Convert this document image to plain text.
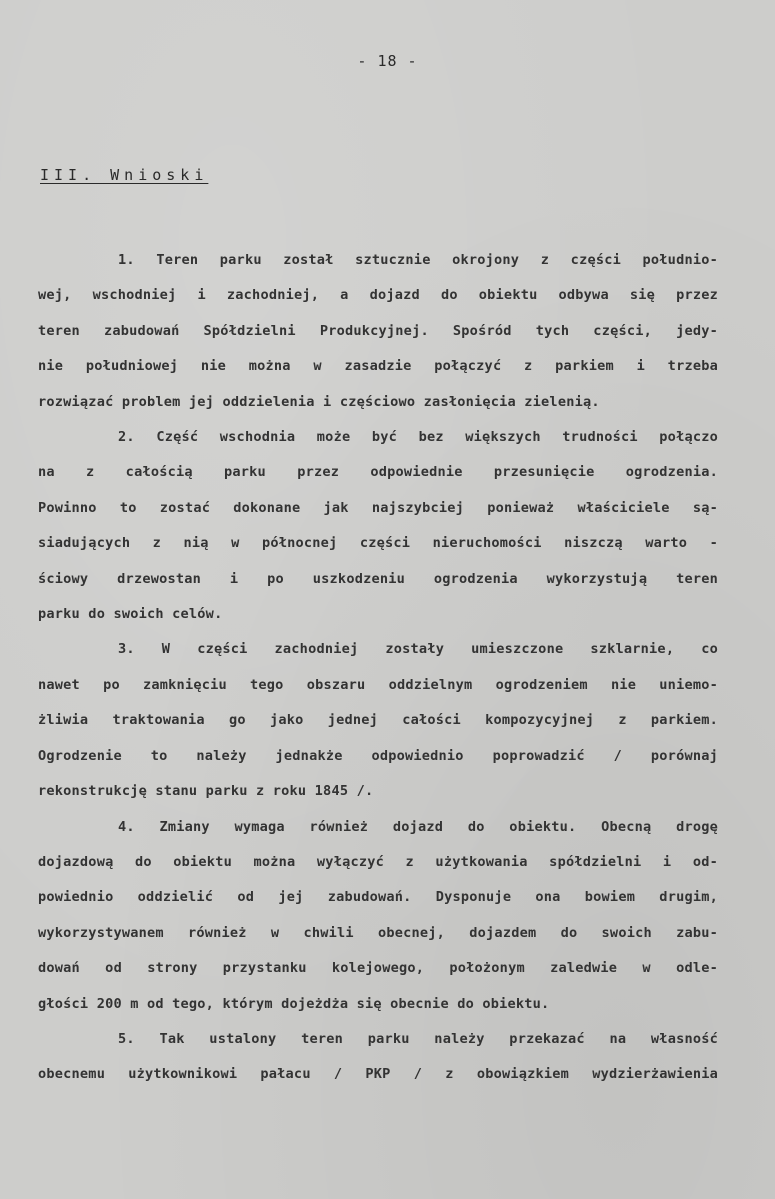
- 18 -
III. Wnioski
1. Teren parku został sztucznie okrojony z części południo-
wej, wschodniej i zachodniej, a dojazd do obiektu odbywa się przez
teren zabudowań Spółdzielni Produkcyjnej. Spośród tych części, jedy-
nie południowej nie można w zasadzie połączyć z parkiem i trzeba
rozwiązać problem jej oddzielenia i częściowo zasłonięcia zielenią.
2. Część wschodnia może być bez większych trudności połączo
na z całością parku przez odpowiednie przesunięcie ogrodzenia.
Powinno to zostać dokonane jak najszybciej ponieważ właściciele są-
siadujących z nią w północnej części nieruchomości niszczą warto -
ściowy drzewostan i po uszkodzeniu ogrodzenia wykorzystują teren
parku do swoich celów.
3. W części zachodniej zostały umieszczone szklarnie, co
nawet po zamknięciu tego obszaru oddzielnym ogrodzeniem nie uniemo-
żliwia traktowania go jako jednej całości kompozycyjnej z parkiem.
Ogrodzenie to należy jednakże odpowiednio poprowadzić / porównaj
rekonstrukcję stanu parku z roku 1845 /.
4. Zmiany wymaga również dojazd do obiektu. Obecną drogę
dojazdową do obiektu można wyłączyć z użytkowania spółdzielni i od-
powiednio oddzielić od jej zabudowań. Dysponuje ona bowiem drugim,
wykorzystywanem również w chwili obecnej, dojazdem do swoich zabu-
dowań od strony przystanku kolejowego, położonym zaledwie w odle-
głości 200 m od tego, którym dojeżdża się obecnie do obiektu.
5. Tak ustalony teren parku należy przekazać na własność
obecnemu użytkownikowi pałacu / PKP / z obowiązkiem wydzierżawienia
